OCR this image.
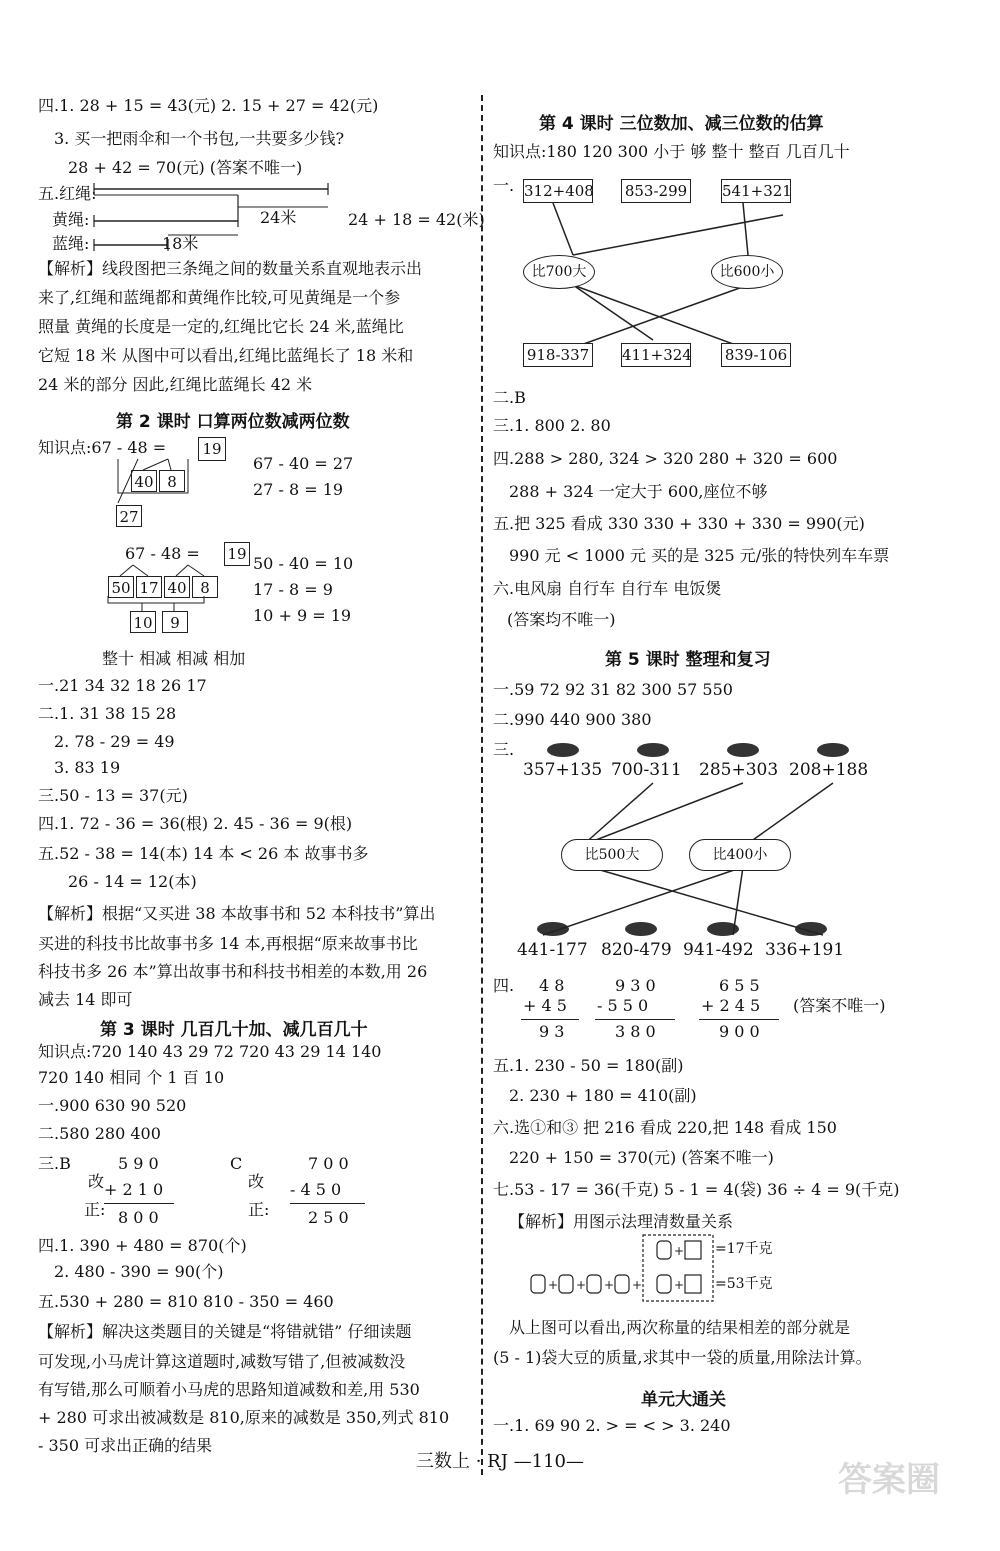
四.1. 28 + 15 = 43(元) 2. 15 + 27 = 42(元)
3. 买一把雨伞和一个书包,一共要多少钱?
28 + 42 = 70(元) (答案不唯一)
五.红绳:
黄绳:	24米	24 + 18 = 42(米)
蓝绳:	18米
【解析】线段图把三条绳之间的数量关系直观地表示出
来了,红绳和蓝绳都和黄绳作比较,可见黄绳是一个参
照量 黄绳的长度是一定的,红绳比它长 24 米,蓝绳比
它短 18 米 从图中可以看出,红绳比蓝绳长了 18 米和
24 米的部分 因此,红绳比蓝绳长 42 米
第 2 课时 口算两位数减两位数
知识点:67 - 48 = 19
40 8
27
67 - 40 = 27
27 - 8 = 19
67 - 48 = 19
50 17 40 8
10	9
50 - 40 = 10
17 - 8 = 9
10 + 9 = 19
整十 相减 相减 相加
一.21 34 32 18 26 17
二.1. 31 38 15 28
2. 78 - 29 = 49
3. 83 19
三.50 - 13 = 37(元)
四.1. 72 - 36 = 36(根) 2. 45 - 36 = 9(根)
五.52 - 38 = 14(本) 14 本 < 26 本 故事书多
26 - 14 = 12(本)
【解析】根据“又买进 38 本故事书和 52 本科技书”算出
买进的科技书比故事书多 14 本,再根据“原来故事书比
科技书多 26 本”算出故事书和科技书相差的本数,用 26
减去 14 即可
第 3 课时 几百几十加、减几百几十
知识点:720 140 43 29 72 720 43 29 14 140
720 140 相同 个 1 百 10
一.900 630 90 520
二.580 280 400
三.B	5 9 0
改 + 2 1 0
正: 8 0 0
C	7 0 0
改 - 4 5 0
正: 2 5 0
四.1. 390 + 480 = 870(个)
2. 480 - 390 = 90(个)
五.530 + 280 = 810 810 - 350 = 460
【解析】解决这类题目的关键是“将错就错” 仔细读题
可发现,小马虎计算这道题时,减数写错了,但被减数没
有写错,那么可顺着小马虎的思路知道减数和差,用 530
+ 280 可求出被减数是 810,原来的减数是 350,列式 810
- 350 可求出正确的结果
第 4 课时 三位数加、减三位数的估算
知识点:180 120 300 小于 够 整十 整百 几百几十
一. 312+408 853-299 541+321
比700大	比600小
918-337 411+324 839-106
二.B
三.1. 800 2. 80
四.288 > 280, 324 > 320 280 + 320 = 600
288 + 324 一定大于 600,座位不够
五.把 325 看成 330 330 + 330 + 330 = 990(元)
990 元 < 1000 元 买的是 325 元/张的特快列车车票
六.电风扇 自行车 自行车 电饭煲
(答案均不唯一)
第 5 课时 整理和复习
一.59 72 92 31 82 300 57 550
二.990 440 900 380
三.
357+135 700-311 285+303 208+188
比500大	比400小
441-177 820-479 941-492 336+191
四. 4 8
+ 4 5
9 3
9 3 0
- 5 5 0
3 8 0
6 5 5
+ 2 4 5
9 0 0
(答案不唯一)
五.1. 230 - 50 = 180(副)
2. 230 + 180 = 410(副)
六.选①和③ 把 216 看成 220,把 148 看成 150
220 + 150 = 370(元) (答案不唯一)
七.53 - 17 = 36(千克) 5 - 1 = 4(袋) 36 ÷ 4 = 9(千克)
【解析】用图示法理清数量关系
+
+ + + +	+
=17千克
=53千克
从上图可以看出,两次称量的结果相差的部分就是
(5 - 1)袋大豆的质量,求其中一袋的质量,用除法计算。
单元大通关
一.1. 69 90 2. > = < > 3. 240
三数上 · RJ —110—	答案圈
